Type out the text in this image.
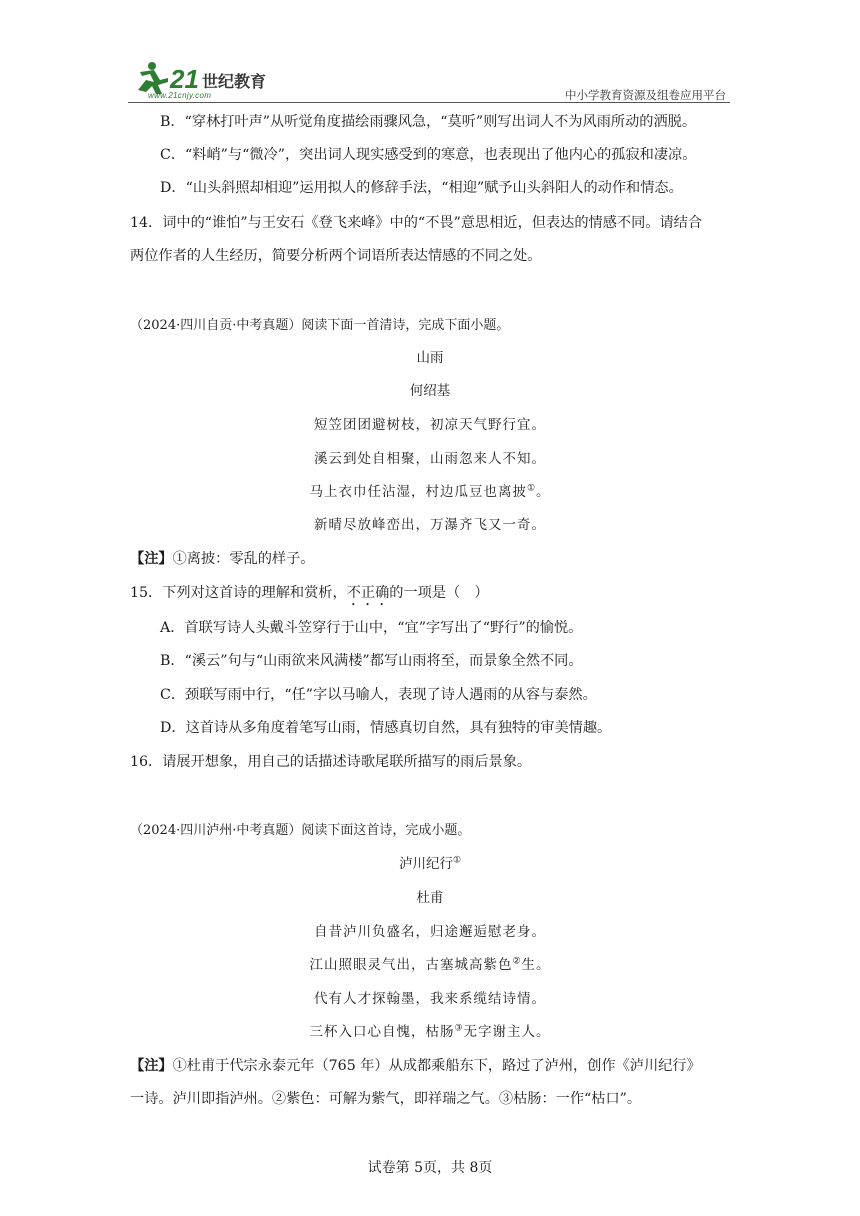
21 世纪教育
www.21cnjy.com	中小学教育资源及组卷应用平台
B．“穿林打叶声”从听觉角度描绘雨骤风急，“莫听”则写出词人不为风雨所动的洒脱。
C．“料峭”与“微冷”，突出词人现实感受到的寒意，也表现出了他内心的孤寂和凄凉。
D．“山头斜照却相迎”运用拟人的修辞手法，“相迎”赋予山头斜阳人的动作和情态。
14．词中的“谁怕”与王安石《登飞来峰》中的“不畏”意思相近，但表达的情感不同。请结合
两位作者的人生经历，简要分析两个词语所表达情感的不同之处。
（2024·四川自贡·中考真题）阅读下面一首清诗，完成下面小题。
山雨
何绍基
短笠团团避树枝，初凉天气野行宜。
溪云到处自相聚，山雨忽来人不知。
马上衣巾任沾湿，村边瓜豆也离披①。
新晴尽放峰峦出，万瀑齐飞又一奇。
【注】①离披：零乱的样子。
15．下列对这首诗的理解和赏析，不正确的一项是（　）
A．首联写诗人头戴斗笠穿行于山中，“宜”字写出了“野行”的愉悦。
B．“溪云”句与“山雨欲来风满楼”都写山雨将至，而景象全然不同。
C．颈联写雨中行，“任”字以马喻人，表现了诗人遇雨的从容与泰然。
D．这首诗从多角度着笔写山雨，情感真切自然，具有独特的审美情趣。
16．请展开想象，用自己的话描述诗歌尾联所描写的雨后景象。
（2024·四川泸州·中考真题）阅读下面这首诗，完成小题。
泸川纪行①
杜甫
自昔泸川负盛名，归途邂逅慰老身。
江山照眼灵气出，古塞城高紫色②生。
代有人才探翰墨，我来系缆结诗情。
三杯入口心自愧，枯肠③无字谢主人。
【注】①杜甫于代宗永泰元年（765 年）从成都乘船东下，路过了泸州，创作《泸川纪行》
一诗。泸川即指泸州。②紫色：可解为紫气，即祥瑞之气。③枯肠：一作“枯口”。
试卷第 5页，共 8页
